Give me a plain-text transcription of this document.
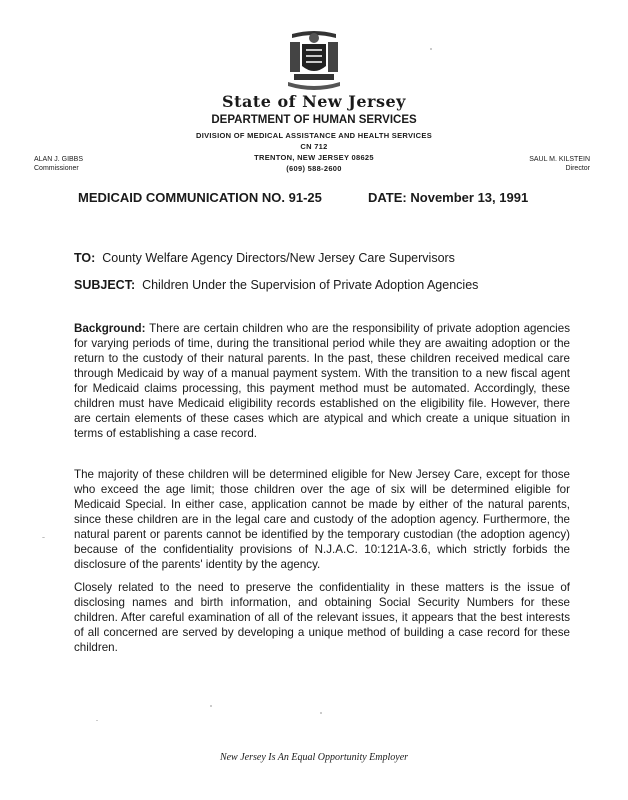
State of New Jersey
DEPARTMENT OF HUMAN SERVICES
DIVISION OF MEDICAL ASSISTANCE AND HEALTH SERVICES
CN 712
TRENTON, NEW JERSEY 08625
(609) 588-2600
ALAN J. GIBBS
Commissioner
SAUL M. KILSTEIN
Director
MEDICAID COMMUNICATION NO. 91-25	DATE: November 13, 1991
TO: County Welfare Agency Directors/New Jersey Care Supervisors
SUBJECT: Children Under the Supervision of Private Adoption Agencies

Background: There are certain children who are the responsibility of private adoption agencies for varying periods of time, during the transitional period while they are awaiting adoption or the return to the custody of their natural parents. In the past, these children received medical care through Medicaid by way of a manual payment system. With the transition to a new fiscal agent for Medicaid claims processing, this payment method must be automated. Accordingly, these children must have Medicaid eligibility records established on the eligibility file. However, there are certain elements of these cases which are atypical and which create a unique situation in terms of establishing a case record.

The majority of these children will be determined eligible for New Jersey Care, except for those who exceed the age limit; those children over the age of six will be determined eligible for Medicaid Special. In either case, application cannot be made by either of the natural parents, since these children are in the legal care and custody of the adoption agency. Furthermore, the natural parent or parents cannot be identified by the temporary custodian (the adoption agency) because of the confidentiality provisions of N.J.A.C. 10:121A-3.6, which strictly forbids the disclosure of the parents' identity by the agency.

Closely related to the need to preserve the confidentiality in these matters is the issue of disclosing names and birth information, and obtaining Social Security Numbers for these children. After careful examination of all of the relevant issues, it appears that the best interests of all concerned are served by developing a unique method of building a case record for these children.

New Jersey Is An Equal Opportunity Employer
